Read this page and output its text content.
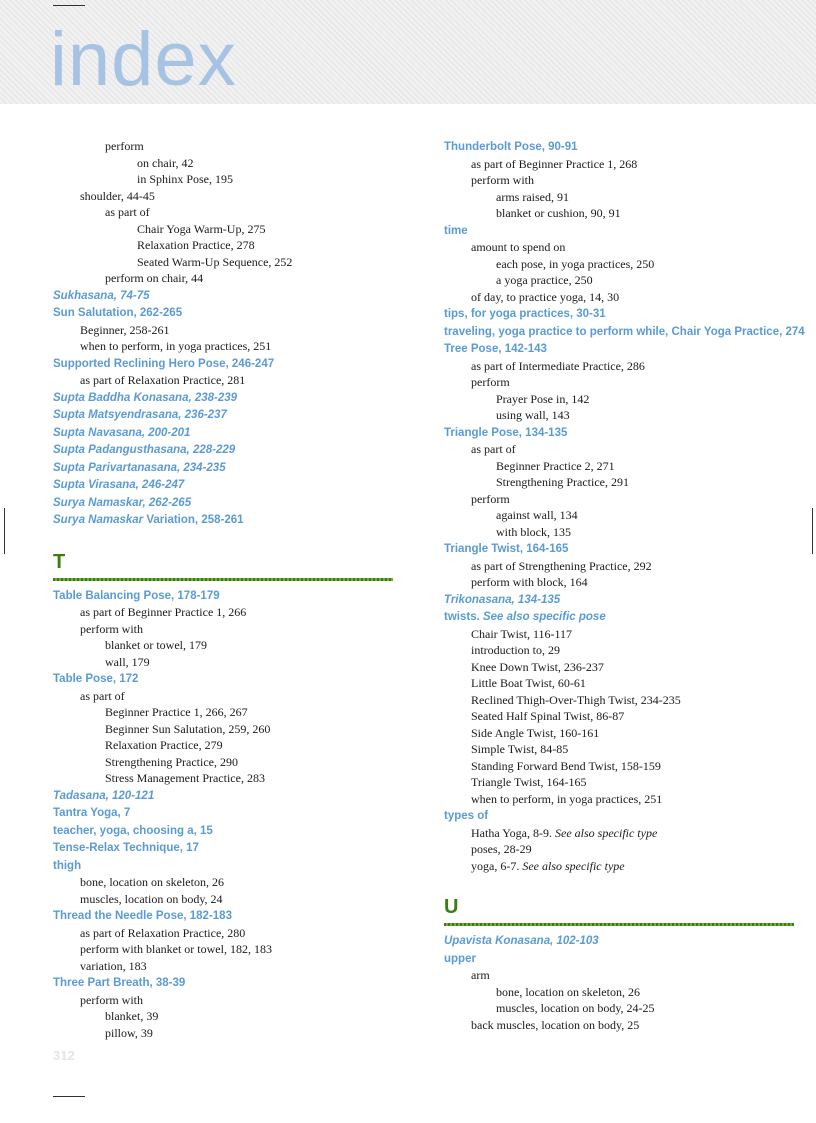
index
perform
on chair, 42
in Sphinx Pose, 195
shoulder, 44-45
as part of
Chair Yoga Warm-Up, 275
Relaxation Practice, 278
Seated Warm-Up Sequence, 252
perform on chair, 44
Sukhasana, 74-75
Sun Salutation, 262-265
Beginner, 258-261
when to perform, in yoga practices, 251
Supported Reclining Hero Pose, 246-247
as part of Relaxation Practice, 281
Supta Baddha Konasana, 238-239
Supta Matsyendrasana, 236-237
Supta Navasana, 200-201
Supta Padangusthasana, 228-229
Supta Parivartanasana, 234-235
Supta Virasana, 246-247
Surya Namaskar, 262-265
Surya Namaskar Variation, 258-261
T
Table Balancing Pose, 178-179
as part of Beginner Practice 1, 266
perform with
blanket or towel, 179
wall, 179
Table Pose, 172
as part of
Beginner Practice 1, 266, 267
Beginner Sun Salutation, 259, 260
Relaxation Practice, 279
Strengthening Practice, 290
Stress Management Practice, 283
Tadasana, 120-121
Tantra Yoga, 7
teacher, yoga, choosing a, 15
Tense-Relax Technique, 17
thigh
bone, location on skeleton, 26
muscles, location on body, 24
Thread the Needle Pose, 182-183
as part of Relaxation Practice, 280
perform with blanket or towel, 182, 183
variation, 183
Three Part Breath, 38-39
perform with
blanket, 39
pillow, 39
Thunderbolt Pose, 90-91
as part of Beginner Practice 1, 268
perform with
arms raised, 91
blanket or cushion, 90, 91
time
amount to spend on
each pose, in yoga practices, 250
a yoga practice, 250
of day, to practice yoga, 14, 30
tips, for yoga practices, 30-31
traveling, yoga practice to perform while, Chair Yoga Practice, 274
Tree Pose, 142-143
as part of Intermediate Practice, 286
perform
Prayer Pose in, 142
using wall, 143
Triangle Pose, 134-135
as part of
Beginner Practice 2, 271
Strengthening Practice, 291
perform
against wall, 134
with block, 135
Triangle Twist, 164-165
as part of Strengthening Practice, 292
perform with block, 164
Trikonasana, 134-135
twists. See also specific pose
Chair Twist, 116-117
introduction to, 29
Knee Down Twist, 236-237
Little Boat Twist, 60-61
Reclined Thigh-Over-Thigh Twist, 234-235
Seated Half Spinal Twist, 86-87
Side Angle Twist, 160-161
Simple Twist, 84-85
Standing Forward Bend Twist, 158-159
Triangle Twist, 164-165
when to perform, in yoga practices, 251
types of
Hatha Yoga, 8-9. See also specific type
poses, 28-29
yoga, 6-7. See also specific type
U
Upavista Konasana, 102-103
upper
arm
bone, location on skeleton, 26
muscles, location on body, 24-25
back muscles, location on body, 25
312
